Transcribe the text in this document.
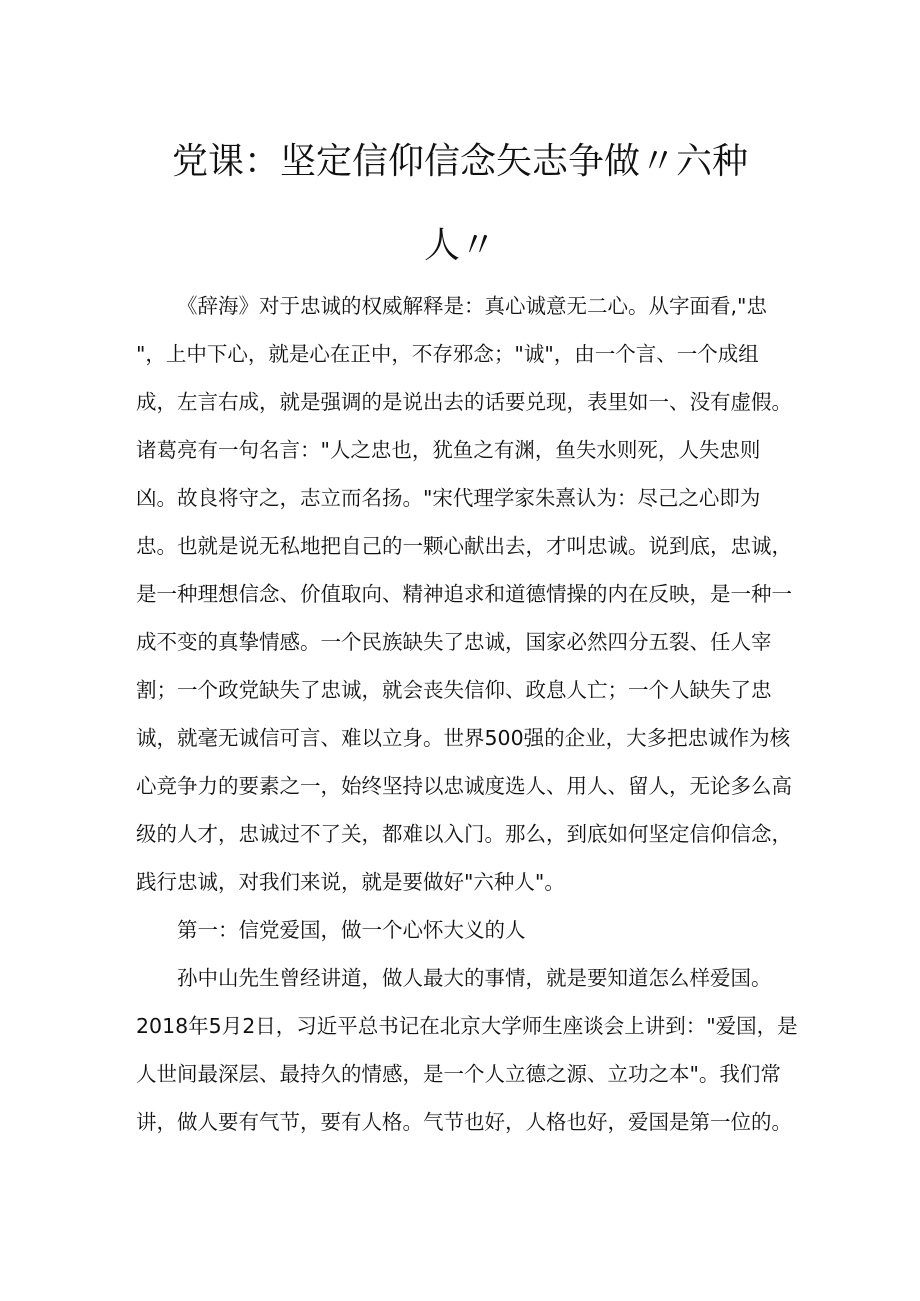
党课：坚定信仰信念矢志争做〃六种
人〃
《辞海》对于忠诚的权威解释是：真心诚意无二心。从字面看,"忠
"，上中下心，就是心在正中，不存邪念；"诚"，由一个言、一个成组
成，左言右成，就是强调的是说出去的话要兑现，表里如一、没有虚假。
诸葛亮有一句名言："人之忠也，犹鱼之有渊，鱼失水则死，人失忠则
凶。故良将守之，志立而名扬。"宋代理学家朱熹认为：尽己之心即为
忠。也就是说无私地把自己的一颗心献出去，才叫忠诚。说到底，忠诚，
是一种理想信念、价值取向、精神追求和道德情操的内在反映，是一种一
成不变的真挚情感。一个民族缺失了忠诚，国家必然四分五裂、任人宰
割；一个政党缺失了忠诚，就会丧失信仰、政息人亡；一个人缺失了忠
诚，就毫无诚信可言、难以立身。世界500强的企业，大多把忠诚作为核
心竞争力的要素之一，始终坚持以忠诚度选人、用人、留人，无论多么高
级的人才，忠诚过不了关，都难以入门。那么，到底如何坚定信仰信念，
践行忠诚，对我们来说，就是要做好"六种人"。
第一：信党爱国，做一个心怀大义的人
孙中山先生曾经讲道，做人最大的事情，就是要知道怎么样爱国。
2018年5月2日，习近平总书记在北京大学师生座谈会上讲到："爱国，是
人世间最深层、最持久的情感，是一个人立德之源、立功之本"。我们常
讲，做人要有气节，要有人格。气节也好，人格也好，爱国是第一位的。
